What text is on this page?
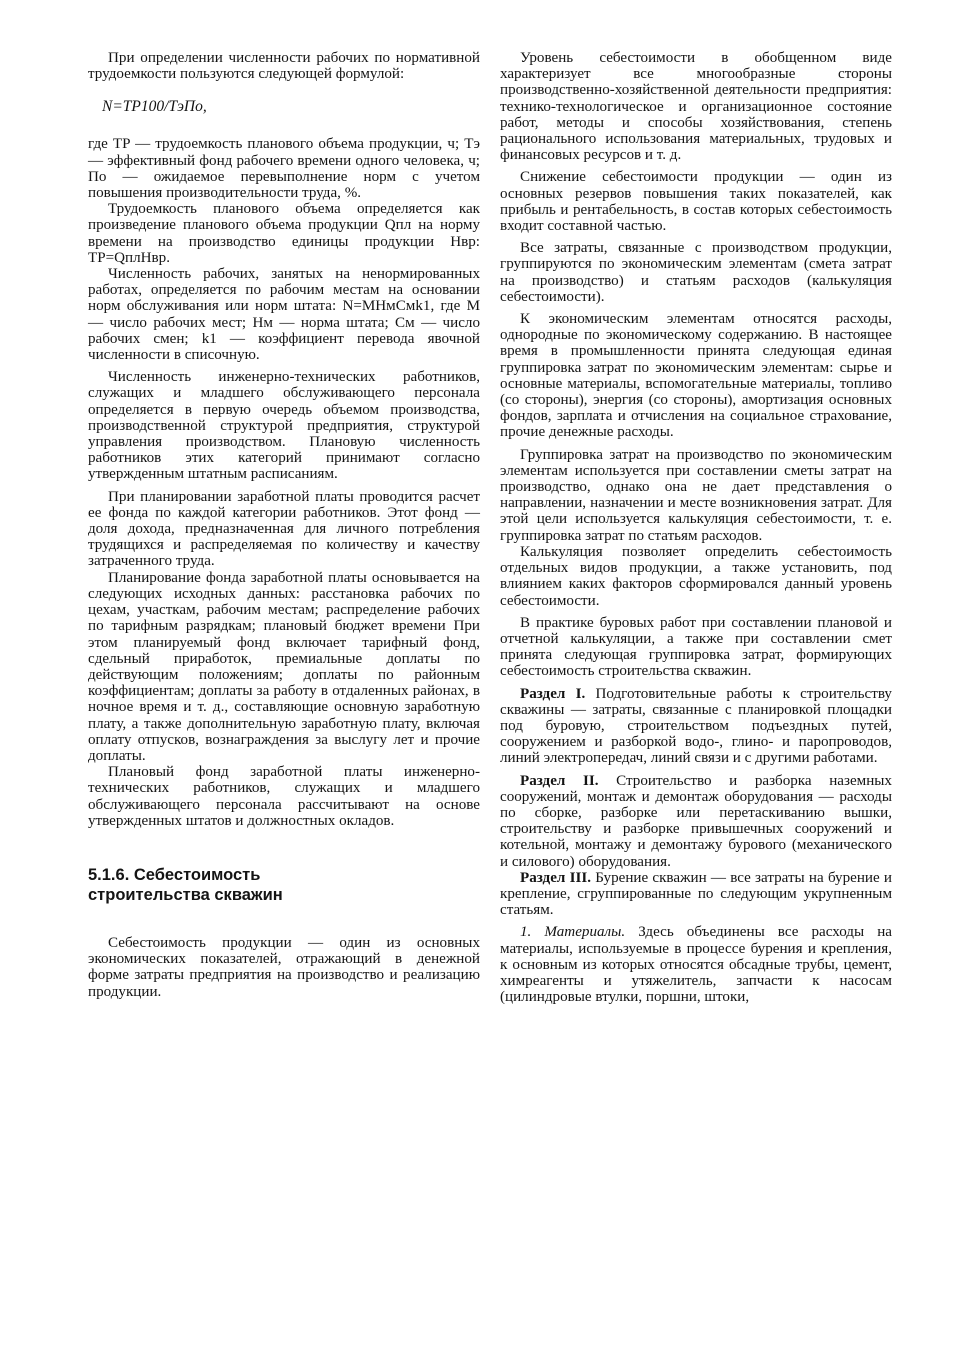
При определении численности рабочих по нормативной трудоемкости пользуются следующей формулой:

N=TP100/TэПо,

где TP — трудоемкость планового объема продукции, ч; Tэ — эффективный фонд рабочего времени одного человека, ч; По — ожидаемое перевыполнение норм с учетом повышения производительности труда, %.

Трудоемкость планового объема определяется как произведение планового объема продукции Qпл на норму времени на производство единицы продукции Hвр: TP=QплHвр.

Численность рабочих, занятых на ненормированных работах, определяется по рабочим местам на основании норм обслуживания или норм штата: N=MHмCмk1, где M — число рабочих мест; Hм — норма штата; Cм — число рабочих смен; k1 — коэффициент перевода явочной численности в списочную.

Численность инженерно-технических работников, служащих и младшего обслуживающего персонала определяется в первую очередь объемом производства, производственной структурой предприятия, структурой управления производством. Плановую численность работников этих категорий принимают согласно утвержденным штатным расписаниям.

При планировании заработной платы проводится расчет ее фонда по каждой категории работников. Этот фонд — доля дохода, предназначенная для личного потребления трудящихся и распределяемая по количеству и качеству затраченного труда.

Планирование фонда заработной платы основывается на следующих исходных данных: расстановка рабочих по цехам, участкам, рабочим местам; распределение рабочих по тарифным разрядкам; плановый бюджет времени При этом планируемый фонд включает тарифный фонд, сдельный приработок, премиальные доплаты по действующим положениям; доплаты по районным коэффициентам; доплаты за работу в отдаленных районах, в ночное время и т. д., составляющие основную заработную плату, а также дополнительную заработную плату, включая оплату отпусков, вознаграждения за выслугу лет и прочие доплаты.

Плановый фонд заработной платы инженерно-технических работников, служащих и младшего обслуживающего персонала рассчитывают на основе утвержденных штатов и должностных окладов.

5.1.6. Себестоимость
строительства скважин

Себестоимость продукции — один из основных экономических показателей, отражающий в денежной форме затраты предприятия на производство и реализацию продукции.

Уровень себестоимости в обобщенном виде характеризует все многообразные стороны производственно-хозяйственной деятельности предприятия: технико-технологическое и организационное состояние работ, методы и способы хозяйствования, степень рационального использования материальных, трудовых и финансовых ресурсов и т. д.

Снижение себестоимости продукции — один из основных резервов повышения таких показателей, как прибыль и рентабельность, в состав которых себестоимость входит составной частью.

Все затраты, связанные с производством продукции, группируются по экономическим элементам (смета затрат на производство) и статьям расходов (калькуляция себестоимости).

К экономическим элементам относятся расходы, однородные по экономическому содержанию. В настоящее время в промышленности принята следующая единая группировка затрат по экономическим элементам: сырье и основные материалы, вспомогательные материалы, топливо (со стороны), энергия (со стороны), амортизация основных фондов, зарплата и отчисления на социальное страхование, прочие денежные расходы.

Группировка затрат на производство по экономическим элементам используется при составлении сметы затрат на производство, однако она не дает представления о направлении, назначении и месте возникновения затрат. Для этой цели используется калькуляция себестоимости, т. е. группировка затрат по статьям расходов.

Калькуляция позволяет определить себестоимость отдельных видов продукции, а также установить, под влиянием каких факторов сформировался данный уровень себестоимости.

В практике буровых работ при составлении плановой и отчетной калькуляции, а также при составлении смет принята следующая группировка затрат, формирующих себестоимость строительства скважин.

Раздел I. Подготовительные работы к строительству скважины — затраты, связанные с планировкой площадки под буровую, строительством подъездных путей, сооружением и разборкой водо-, глино- и паропроводов, линий электропередач, линий связи и с другими работами.

Раздел II. Строительство и разборка наземных сооружений, монтаж и демонтаж оборудования — расходы по сборке, разборке или перетаскиванию вышки, строительству и разборке привышечных сооружений и котельной, монтажу и демонтажу бурового (механического и силового) оборудования.

Раздел III. Бурение скважин — все затраты на бурение и крепление, сгруппированные по следующим укрупненным статьям.

1. Материалы. Здесь объединены все расходы на материалы, используемые в процессе бурения и крепления, к основным из которых относятся обсадные трубы, цемент, химреагенты и утяжелитель, запчасти к насосам (цилиндровые втулки, поршни, штоки,
